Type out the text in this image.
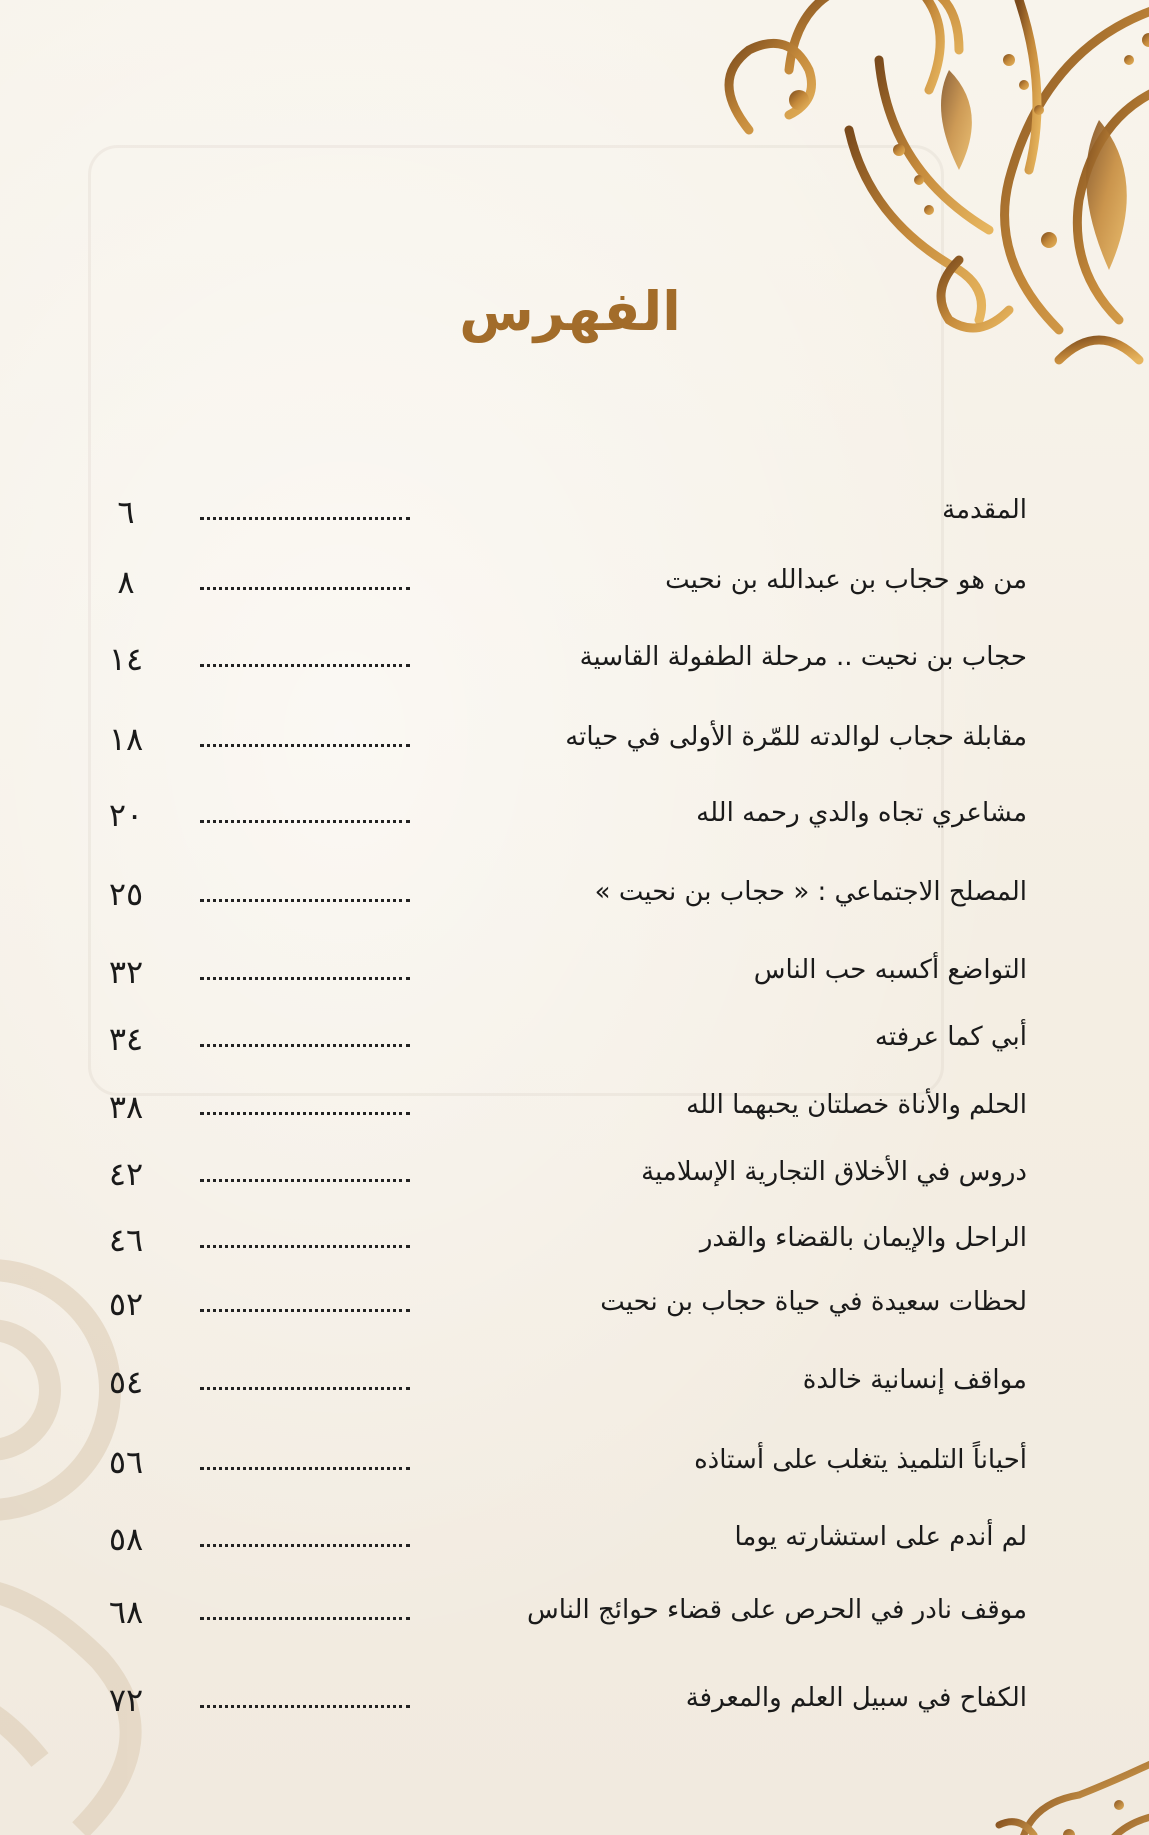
الفهرس
المقدمة
٦
من هو حجاب بن عبدالله بن نحيت
٨
حجاب بن نحيت .. مرحلة الطفولة القاسية
١٤
مقابلة حجاب لوالدته للمّرة الأولى في حياته
١٨
مشاعري تجاه والدي رحمه الله
٢٠
المصلح الاجتماعي : « حجاب بن نحيت »
٢٥
التواضع أكسبه حب الناس
٣٢
أبي كما عرفته
٣٤
الحلم والأناة خصلتان يحبهما الله
٣٨
دروس في الأخلاق التجارية الإسلامية
٤٢
الراحل والإيمان بالقضاء والقدر
٤٦
لحظات سعيدة في حياة حجاب بن نحيت
٥٢
مواقف إنسانية خالدة
٥٤
أحياناً التلميذ يتغلب على أستاذه
٥٦
لم أندم على استشارته يوما
٥٨
موقف نادر في الحرص على قضاء حوائج الناس
٦٨
الكفاح في سبيل العلم والمعرفة
٧٢
